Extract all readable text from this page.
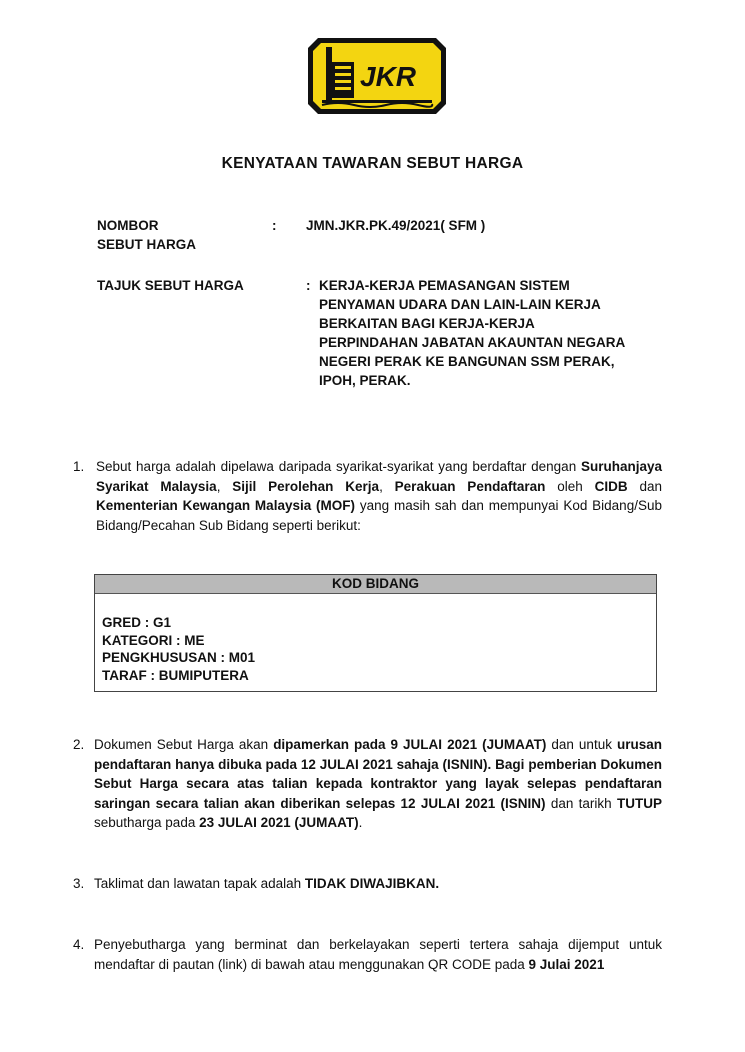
JKR
KENYATAAN TAWARAN SEBUT HARGA
NOMBOR
SEBUT HARGA
: JMN.JKR.PK.49/2021( SFM )
TAJUK SEBUT HARGA	: KERJA-KERJA PEMASANGAN SISTEM
PENYAMAN UDARA DAN LAIN-LAIN KERJA
BERKAITAN BAGI KERJA-KERJA
PERPINDAHAN JABATAN AKAUNTAN NEGARA
NEGERI PERAK KE BANGUNAN SSM PERAK,
IPOH, PERAK.
1. Sebut harga adalah dipelawa daripada syarikat-syarikat yang berdaftar dengan Suruhanjaya Syarikat Malaysia, Sijil Perolehan Kerja, Perakuan Pendaftaran oleh CIDB dan Kementerian Kewangan Malaysia (MOF) yang masih sah dan mempunyai Kod Bidang/Sub Bidang/Pecahan Sub Bidang seperti berikut:
KOD BIDANG
GRED : G1
KATEGORI : ME
PENGKHUSUSAN : M01
TARAF : BUMIPUTERA
2. Dokumen Sebut Harga akan dipamerkan pada 9 JULAI 2021 (JUMAAT) dan untuk urusan pendaftaran hanya dibuka pada 12 JULAI 2021 sahaja (ISNIN). Bagi pemberian Dokumen Sebut Harga secara atas talian kepada kontraktor yang layak selepas pendaftaran saringan secara talian akan diberikan selepas 12 JULAI 2021 (ISNIN) dan tarikh TUTUP sebutharga pada 23 JULAI 2021 (JUMAAT).
3. Taklimat dan lawatan tapak adalah TIDAK DIWAJIBKAN.
4. Penyebutharga yang berminat dan berkelayakan seperti tertera sahaja dijemput untuk mendaftar di pautan (link) di bawah atau menggunakan QR CODE pada 9 Julai 2021
